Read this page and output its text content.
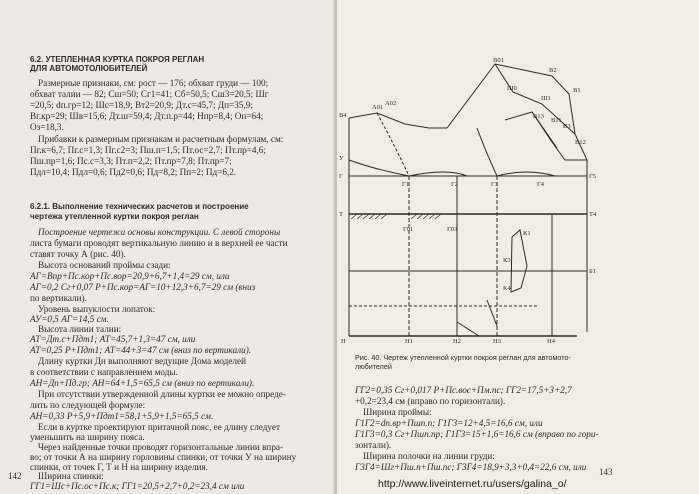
6.2. УТЕПЛЕННАЯ КУРТКА ПОКРОЯ РЕГЛАН
ДЛЯ АВТОМОТОЛЮБИТЕЛЕЙ
Размерные признаки, см: рост — 176; обхват груди — 100;
обхват талии — 82; Сш=50; Сг1=41; Сб=50,5; Сш3=20,5; Шг
=20,5; dп.гр=12; Шс=18,9; Вт2=20,9; Дт.с=45,7; Дп=35,9;
Вг.кр=29; Шв=15,6; Дт.ш=59,4; Дт.п.р=44; Нпр=8,4; Оп=64;
Оз=18,3.
Прибавки к размерным признакам и расчетным формулам, см:
Пг.к=6,7; Пг.с=1,3; Пг.с2=3; Пш.п=1,5; Пт.ос=2,7; Пт.пр=4,6;
Пш.пр=1,6; Пс.с=3,3; Пт.п=2,2; Пт.пр=7,8; Пт.пр=7;
Пдл=10,4; Пдл=0,6; Пд2=0,6; Пд=8,2; Пп=2; Пд=6,2.
6.2.1. Выполнение технических расчетов и построение
чертежа утепленной куртки покроя реглан
Построение чертежа основы конструкции. С левой стороны
листа бумаги проводят вертикальную линию и в верхней ее части
ставят точку А (рис. 40).
Высота оснований проймы сзади:
АГ=Впр+Пс.кор+Пс.вор=20,9+6,7+1,4=29 см, или
АГ=0,2 Сг+0,07 Р+Пс.кор=АГ=10+12,3+6,7=29 см (вниз
по вертикали).
Уровень выпуклости лопаток:
АУ=0,5 АГ=14,5 см.
Высота линии талии:
АТ=Дт.с+Пдт1; АТ=45,7+1,3=47 см, или
АТ=0,25 Р+Пдт1; АТ=44+3=47 см (вниз по вертикали).
Длину куртки Дн выполняют ведущие Дома моделей
в соответствии с направлением моды.
АН=Дп+Пд.гр; АН=64+1,5=65,5 см (вниз по вертикали).
При отсутствии утвержденной длины куртки ее можно опреде-
лить по следующей формуле:
АН=0,33 Р+5,9+Пдт1=58,1+5,9+1,5=65,5 см.
Если в куртке проектируют притачной пояс, ее длину следует
уменьшить на ширину пояса.
Через найденные точки проводят горизонтальные линии впра-
во; от точки А на ширину горловины спинки, от точки У на ширину
спинки, от точек Г, Т и Н на ширину изделия.
Ширина спинки:
ГГ1=Шс+Пс.ос+Пс.к; ГГ1=20,5+2,7+0,2=23,4 см или
142
В4
А01
А02
В01
В2
В1
В3
Ш0
Ш1
В13
В11
В12
У
Г
Г1	Г2	Г3	Г4
Г5
Г01	Г03
Т	Т4
Б1
К1
К3
К4
Н	Н1	Н2	Н3	Н4
Рис. 40. Чертеж утепленной куртки покроя реглан для автомото-
любителей
ГГ2=0,35 Сг+0,017 Р+Пс.вос+Пм.пс; ГГ2=17,5+3+2,7
+0,2=23,4 см (вправо по горизонтали).
Ширина проймы:
Г1Г2=dп.вр+Пшп.п; Г1Г3=12+4,5=16,6 см, или
Г1Г3=0,3 Сг+Пшп.пр; Г1Г3=15+1,6=16,6 см (вправо по гори-
зонтали).
Ширина полочки на линии груди:
Г3Г4=Шг+Пш.п+Пш.пс; Г3Г4=18,9+3,3+0,4=22,6 см, или 143
http://www.liveinternet.ru/users/galina_o/
